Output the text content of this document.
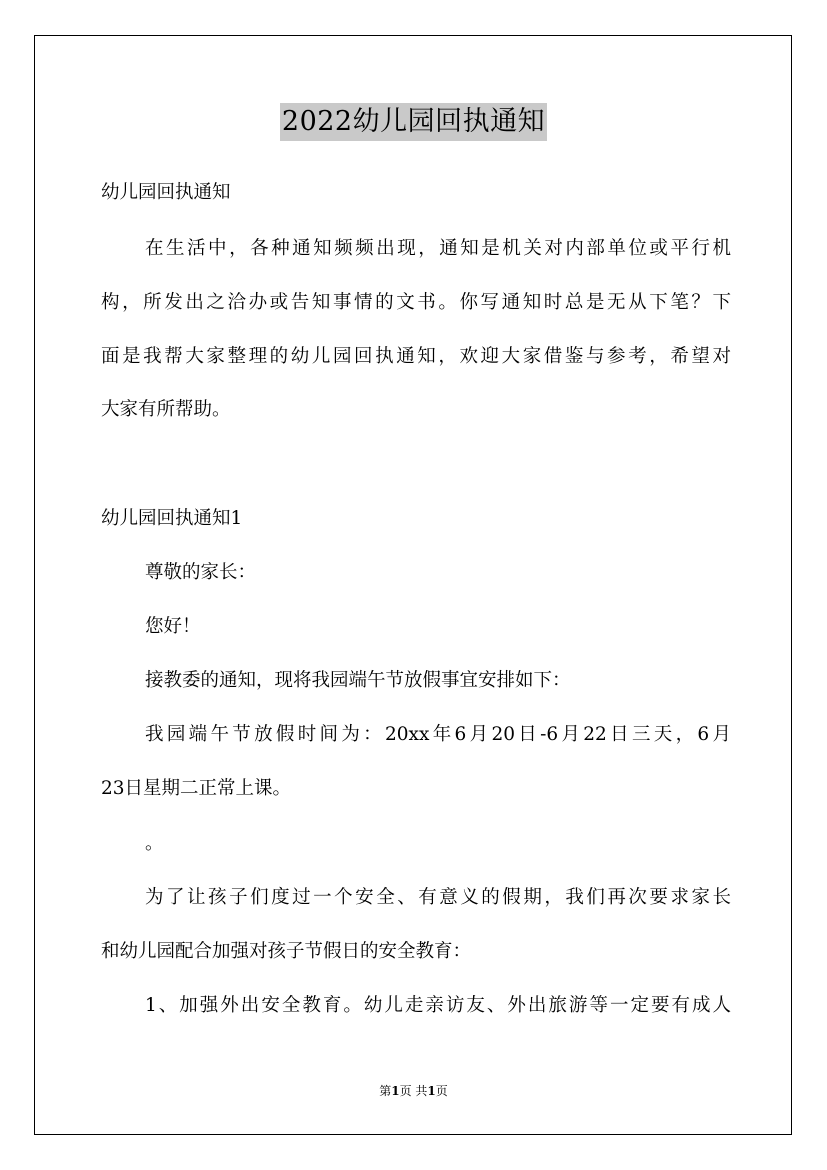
2022幼儿园回执通知
幼儿园回执通知
在生活中，各种通知频频出现，通知是机关对内部单位或平行机
构，所发出之洽办或告知事情的文书。你写通知时总是无从下笔？下
面是我帮大家整理的幼儿园回执通知，欢迎大家借鉴与参考，希望对
大家有所帮助。
幼儿园回执通知1
尊敬的家长：
您好！
接教委的通知，现将我园端午节放假事宜安排如下：
我园端午节放假时间为：20xx年6月20日-6月22日三天，6月
23日星期二正常上课。
。
为了让孩子们度过一个安全、有意义的假期，我们再次要求家长
和幼儿园配合加强对孩子节假日的安全教育：
1、加强外出安全教育。幼儿走亲访友、外出旅游等一定要有成人
第1页 共1页
